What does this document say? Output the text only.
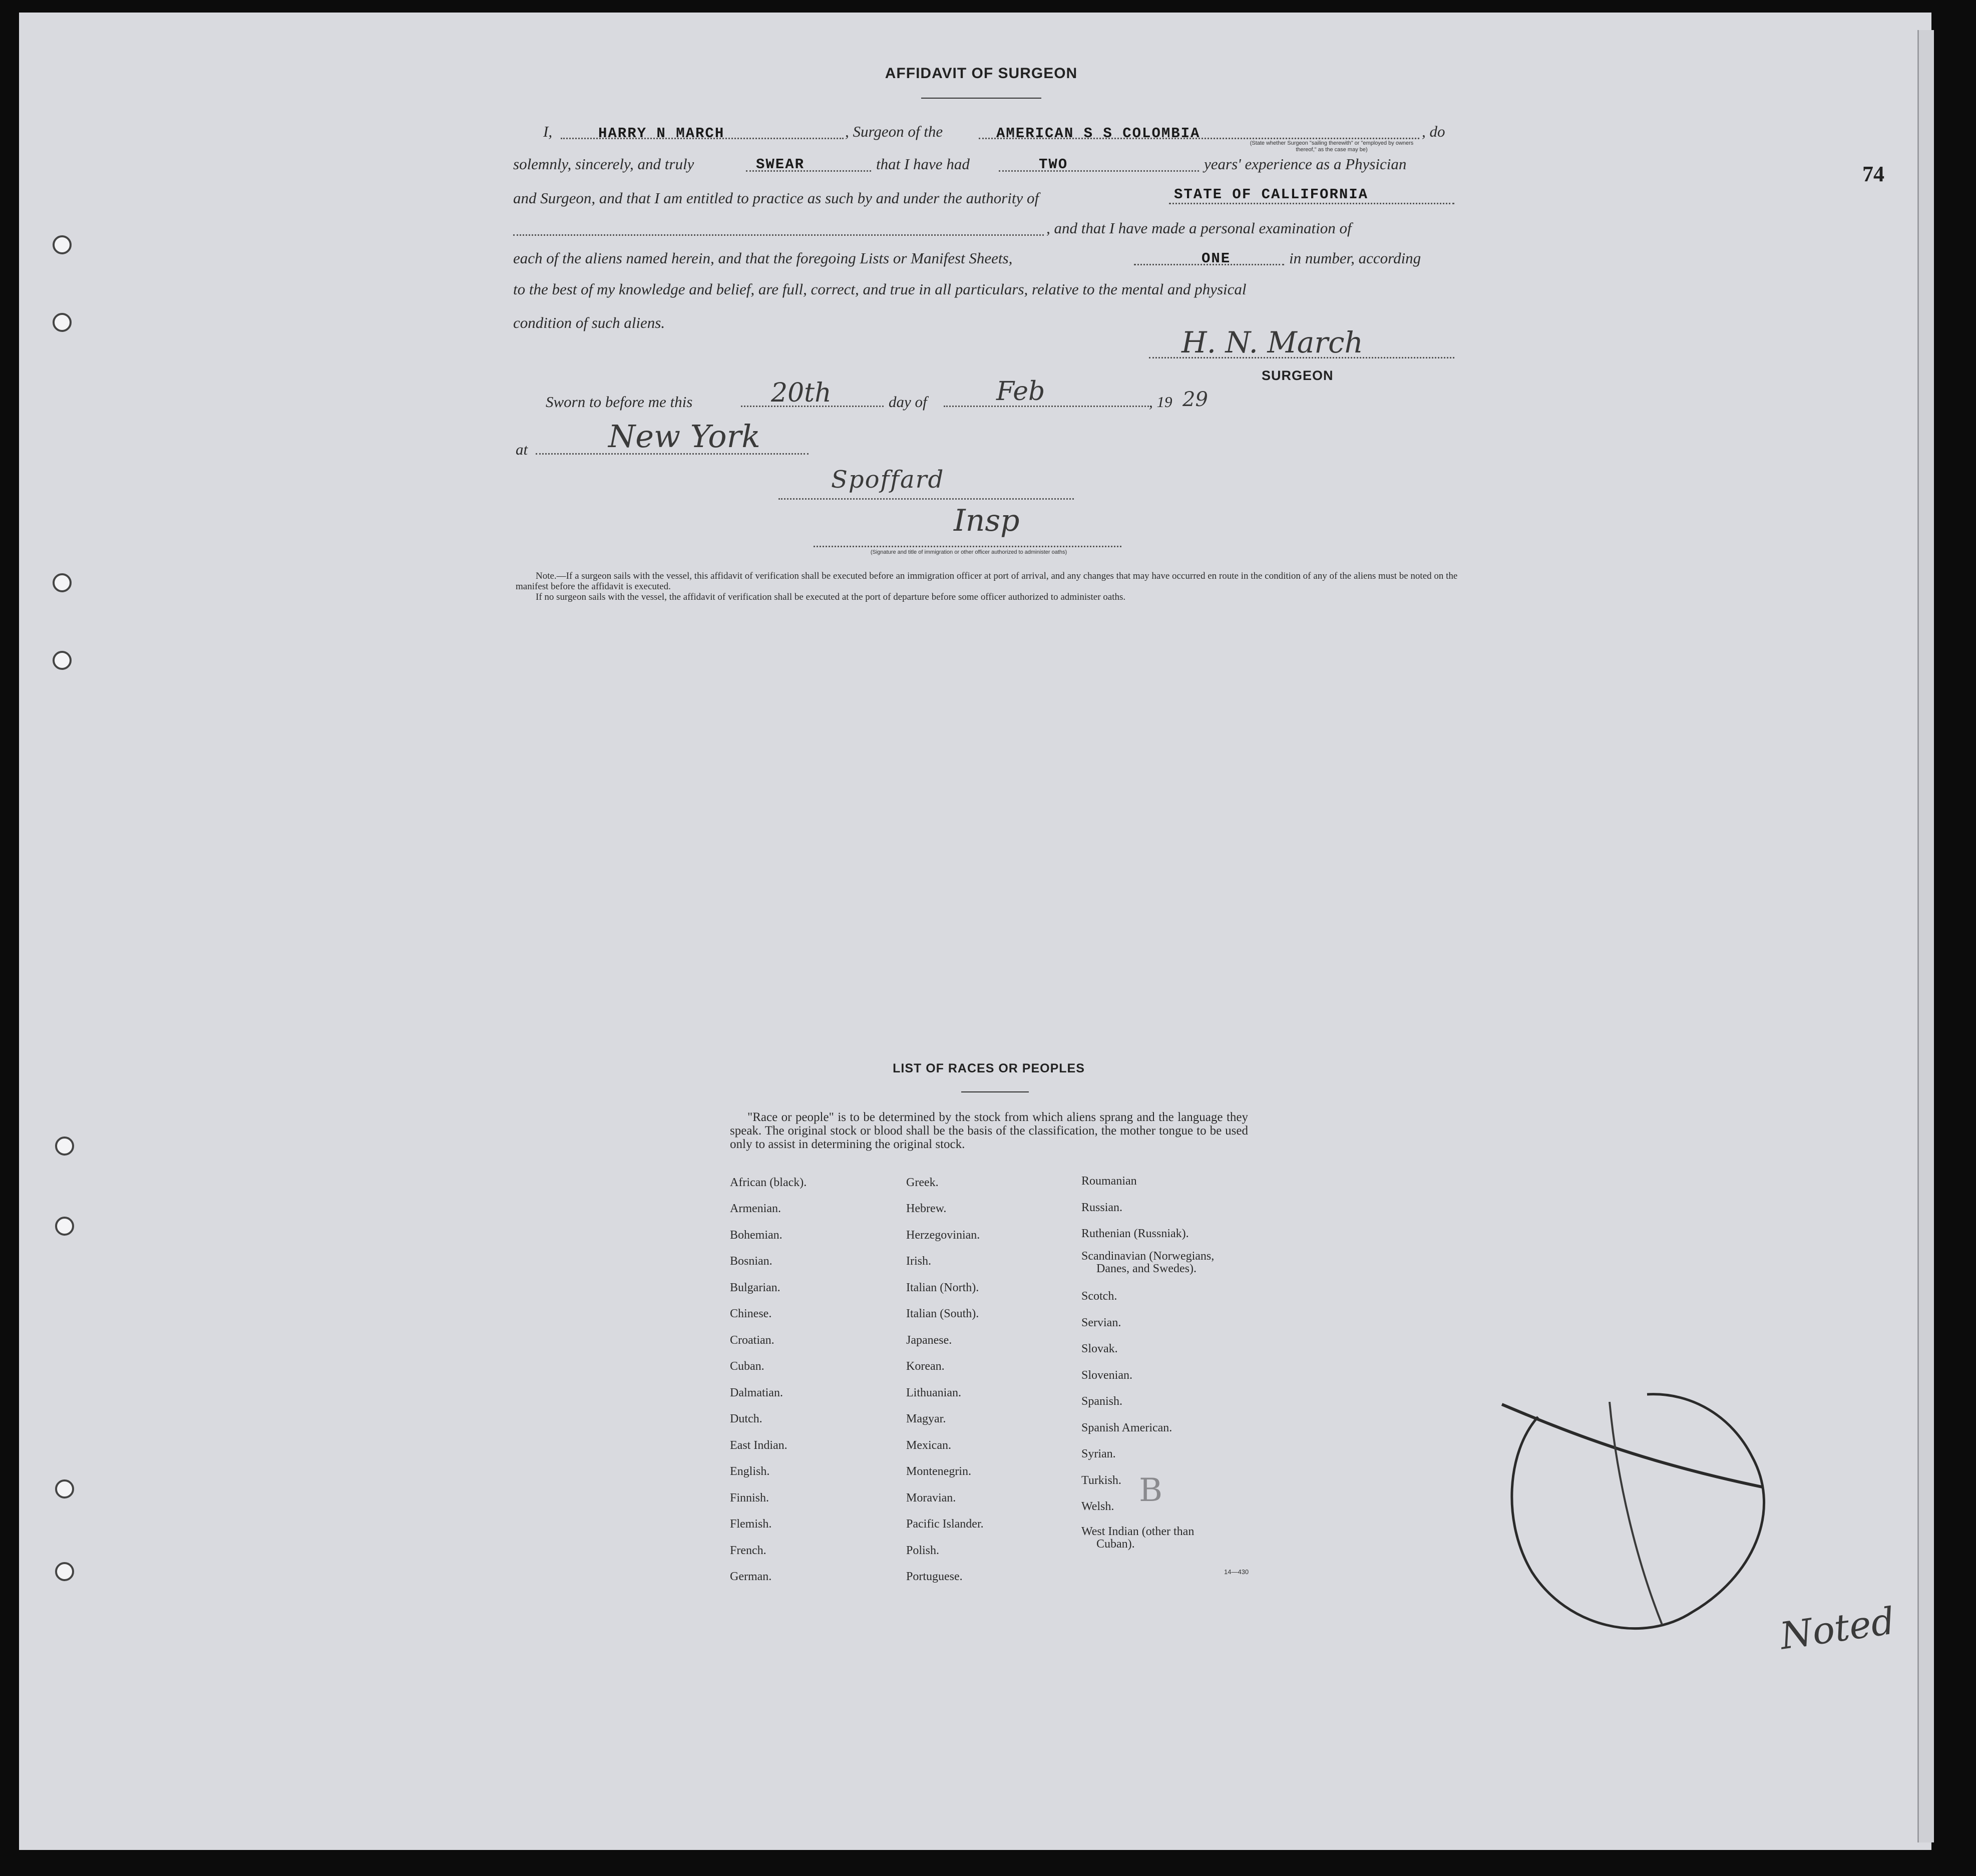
74
AFFIDAVIT OF SURGEON
I,	HARRY N MARCH	, Surgeon of the	AMERICAN S S COLOMBIA	, do
(State whether Surgeon "sailing therewith" or "employed by owners thereof," as the case may be)
solemnly, sincerely, and truly	SWEAR	that I have had	TWO	years' experience as a Physician
and Surgeon, and that I am entitled to practice as such by and under the authority of	STATE OF CALLIFORNIA
, and that I have made a personal examination of
each of the aliens named herein, and that the foregoing Lists or Manifest Sheets,	ONE	in number, according
to the best of my knowledge and belief, are full, correct, and true in all particulars, relative to the mental and physical
condition of such aliens.
H. N. March
SURGEON
Sworn to before me this	20th	day of	Feb	, 19 29
at	New York
Spoffard
Insp
(Signature and title of immigration or other officer authorized to administer oaths)
Note.—If a surgeon sails with the vessel, this affidavit of verification shall be executed before an immigration officer at port of arrival, and any changes that may have occurred en route in the condition of any of the aliens must be noted on the manifest before the affidavit is executed.
If no surgeon sails with the vessel, the affidavit of verification shall be executed at the port of departure before some officer authorized to administer oaths.
LIST OF RACES OR PEOPLES
"Race or people" is to be determined by the stock from which aliens sprang and the language they speak. The original stock or blood shall be the basis of the classification, the mother tongue to be used only to assist in determining the original stock.
African (black).
Armenian.
Bohemian.
Bosnian.
Bulgarian.
Chinese.
Croatian.
Cuban.
Dalmatian.
Dutch.
East Indian.
English.
Finnish.
Flemish.
French.
German.
Greek.
Hebrew.
Herzegovinian.
Irish.
Italian (North).
Italian (South).
Japanese.
Korean.
Lithuanian.
Magyar.
Mexican.
Montenegrin.
Moravian.
Pacific Islander.
Polish.
Portuguese.
Roumanian
Russian.
Ruthenian (Russniak).
Scandinavian (Norwegians,
Danes, and Swedes).
Scotch.
Servian.
Slovak.
Slovenian.
Spanish.
Spanish American.
Syrian.
Turkish.
Welsh.
West Indian (other than
Cuban).
14—430
B
Noted
